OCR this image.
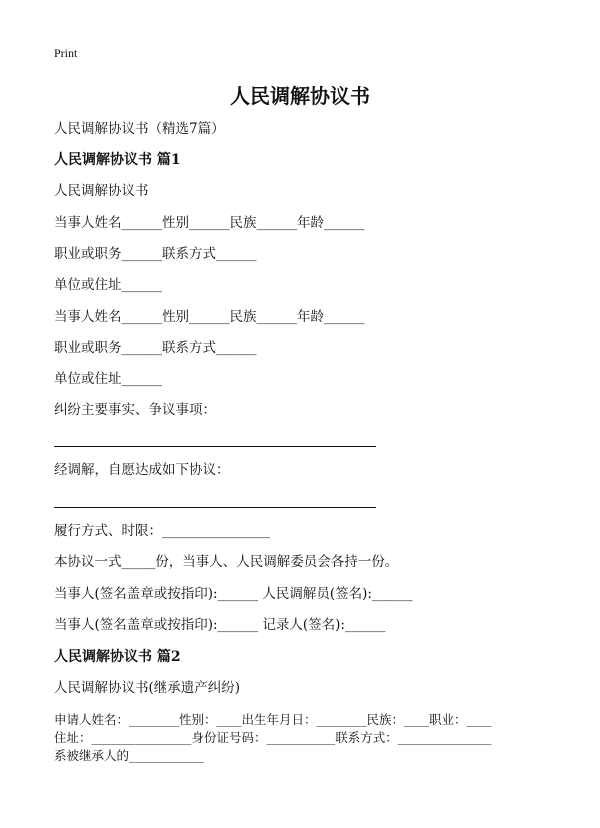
Print
人民调解协议书
人民调解协议书（精选7篇）
人民调解协议书 篇1
人民调解协议书
当事人姓名______性别______民族______年龄______
职业或职务______联系方式______
单位或住址______
当事人姓名______性别______民族______年龄______
职业或职务______联系方式______
单位或住址______
纠纷主要事实、争议事项：
经调解，自愿达成如下协议：
履行方式、时限：________________
本协议一式_____份，当事人、人民调解委员会各持一份。
当事人(签名盖章或按指印):______ 人民调解员(签名):______
当事人(签名盖章或按指印):______ 记录人(签名):______
人民调解协议书 篇2
人民调解协议书(继承遗产纠纷)
申请人姓名：________性别：____出生年月日：________民族：____职业：____
住址：________________身份证号码：___________联系方式：_______________
系被继承人的____________
